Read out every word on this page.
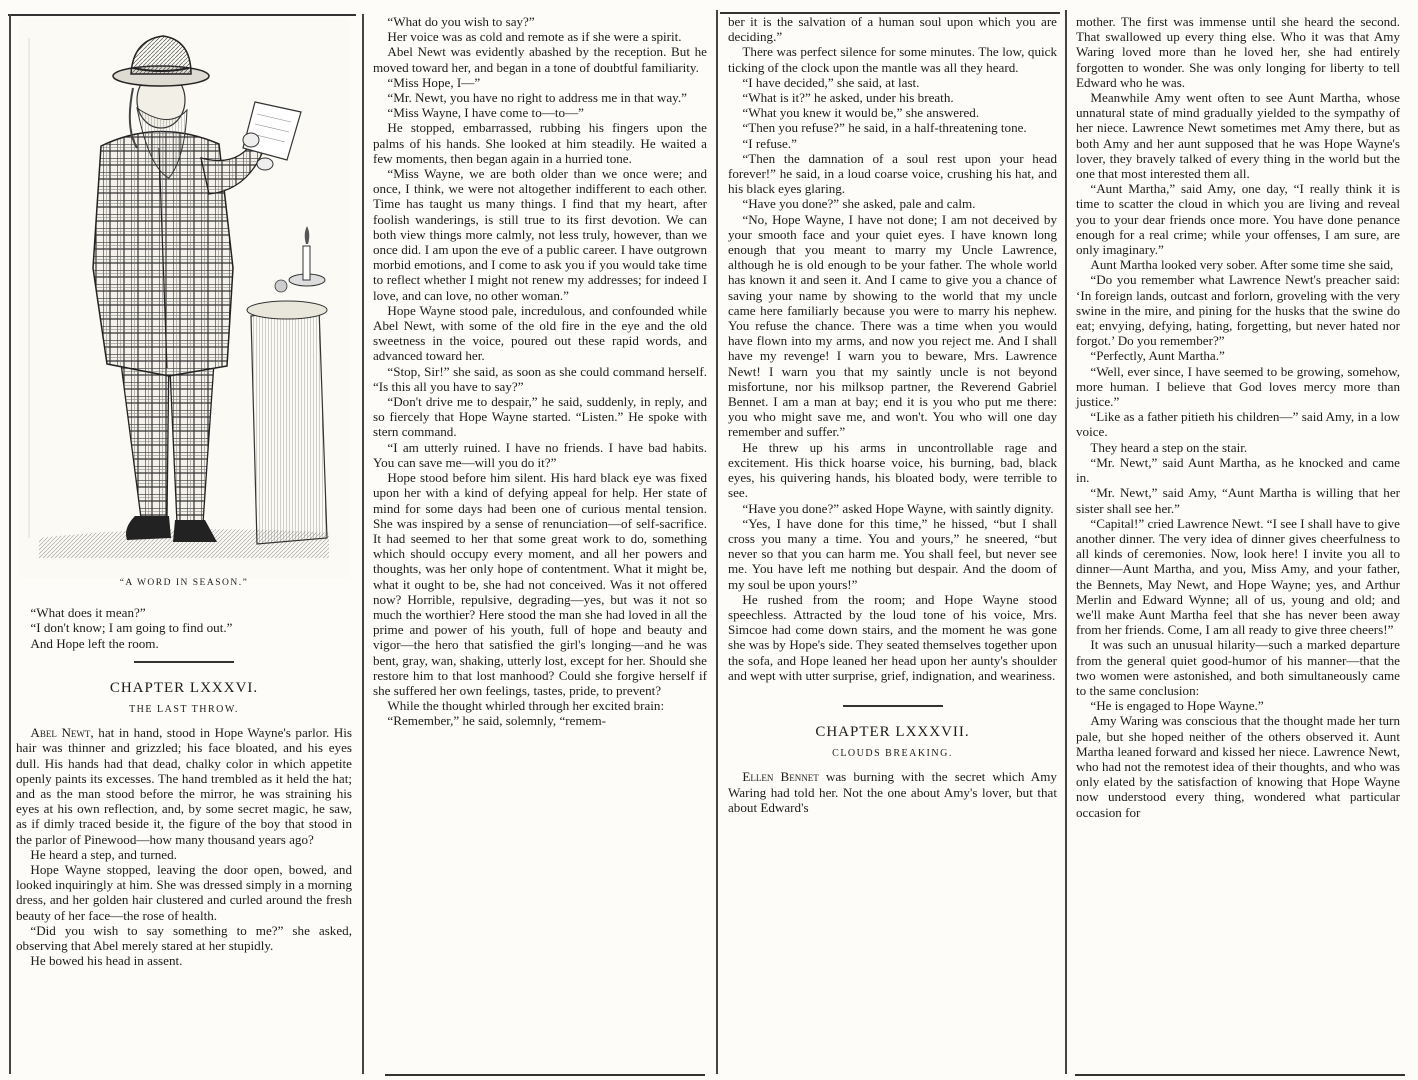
“A WORD IN SEASON.”

“What does it mean?”

“I don't know; I am going to find out.”

And Hope left the room.

CHAPTER LXXXVI.
THE LAST THROW.

Abel Newt, hat in hand, stood in Hope Wayne's parlor. His hair was thinner and grizzled; his face bloated, and his eyes dull. His hands had that dead, chalky color in which appetite openly paints its excesses. The hand trembled as it held the hat; and as the man stood before the mirror, he was straining his eyes at his own reflection, and, by some secret magic, he saw, as if dimly traced beside it, the figure of the boy that stood in the parlor of Pinewood—how many thousand years ago?

He heard a step, and turned.

Hope Wayne stopped, leaving the door open, bowed, and looked inquiringly at him. She was dressed simply in a morning dress, and her golden hair clustered and curled around the fresh beauty of her face—the rose of health.

“Did you wish to say something to me?” she asked, observing that Abel merely stared at her stupidly.

He bowed his head in assent.

“What do you wish to say?”

Her voice was as cold and remote as if she were a spirit.

Abel Newt was evidently abashed by the reception. But he moved toward her, and began in a tone of doubtful familiarity.

“Miss Hope, I—”

“Mr. Newt, you have no right to address me in that way.”

“Miss Wayne, I have come to—to—”

He stopped, embarrassed, rubbing his fingers upon the palms of his hands. She looked at him steadily. He waited a few moments, then began again in a hurried tone.

“Miss Wayne, we are both older than we once were; and once, I think, we were not altogether indifferent to each other. Time has taught us many things. I find that my heart, after foolish wanderings, is still true to its first devotion. We can both view things more calmly, not less truly, however, than we once did. I am upon the eve of a public career. I have outgrown morbid emotions, and I come to ask you if you would take time to reflect whether I might not renew my addresses; for indeed I love, and can love, no other woman.”

Hope Wayne stood pale, incredulous, and confounded while Abel Newt, with some of the old fire in the eye and the old sweetness in the voice, poured out these rapid words, and advanced toward her.

“Stop, Sir!” she said, as soon as she could command herself. “Is this all you have to say?”

“Don't drive me to despair,” he said, suddenly, in reply, and so fiercely that Hope Wayne started. “Listen.” He spoke with stern command.

“I am utterly ruined. I have no friends. I have bad habits. You can save me—will you do it?”

Hope stood before him silent. His hard black eye was fixed upon her with a kind of defying appeal for help. Her state of mind for some days had been one of curious mental tension. She was inspired by a sense of renunciation—of self-sacrifice. It had seemed to her that some great work to do, something which should occupy every moment, and all her powers and thoughts, was her only hope of contentment. What it might be, what it ought to be, she had not conceived. Was it not offered now? Horrible, repulsive, degrading—yes, but was it not so much the worthier? Here stood the man she had loved in all the prime and power of his youth, full of hope and beauty and vigor—the hero that satisfied the girl's longing—and he was bent, gray, wan, shaking, utterly lost, except for her. Should she restore him to that lost manhood? Could she forgive herself if she suffered her own feelings, tastes, pride, to prevent?

While the thought whirled through her excited brain:

“Remember,” he said, solemnly, “remem-

ber it is the salvation of a human soul upon which you are deciding.”

There was perfect silence for some minutes. The low, quick ticking of the clock upon the mantle was all they heard.

“I have decided,” she said, at last.

“What is it?” he asked, under his breath.

“What you knew it would be,” she answered.

“Then you refuse?” he said, in a half-threatening tone.

“I refuse.”

“Then the damnation of a soul rest upon your head forever!” he said, in a loud coarse voice, crushing his hat, and his black eyes glaring.

“Have you done?” she asked, pale and calm.

“No, Hope Wayne, I have not done; I am not deceived by your smooth face and your quiet eyes. I have known long enough that you meant to marry my Uncle Lawrence, although he is old enough to be your father. The whole world has known it and seen it. And I came to give you a chance of saving your name by showing to the world that my uncle came here familiarly because you were to marry his nephew. You refuse the chance. There was a time when you would have flown into my arms, and now you reject me. And I shall have my revenge! I warn you to beware, Mrs. Lawrence Newt! I warn you that my saintly uncle is not beyond misfortune, nor his milksop partner, the Reverend Gabriel Bennet. I am a man at bay; end it is you who put me there: you who might save me, and won't. You who will one day remember and suffer.”

He threw up his arms in uncontrollable rage and excitement. His thick hoarse voice, his burning, bad, black eyes, his quivering hands, his bloated body, were terrible to see.

“Have you done?” asked Hope Wayne, with saintly dignity.

“Yes, I have done for this time,” he hissed, “but I shall cross you many a time. You and yours,” he sneered, “but never so that you can harm me. You shall feel, but never see me. You have left me nothing but despair. And the doom of my soul be upon yours!”

He rushed from the room; and Hope Wayne stood speechless. Attracted by the loud tone of his voice, Mrs. Simcoe had come down stairs, and the moment he was gone she was by Hope's side. They seated themselves together upon the sofa, and Hope leaned her head upon her aunty's shoulder and wept with utter surprise, grief, indignation, and weariness.

CHAPTER LXXXVII.
CLOUDS BREAKING.

Ellen Bennet was burning with the secret which Amy Waring had told her. Not the one about Amy's lover, but that about Edward's

mother. The first was immense until she heard the second. That swallowed up every thing else. Who it was that Amy Waring loved more than he loved her, she had entirely forgotten to wonder. She was only longing for liberty to tell Edward who he was.

Meanwhile Amy went often to see Aunt Martha, whose unnatural state of mind gradually yielded to the sympathy of her niece. Lawrence Newt sometimes met Amy there, but as both Amy and her aunt supposed that he was Hope Wayne's lover, they bravely talked of every thing in the world but the one that most interested them all.

“Aunt Martha,” said Amy, one day, “I really think it is time to scatter the cloud in which you are living and reveal you to your dear friends once more. You have done penance enough for a real crime; while your offenses, I am sure, are only imaginary.”

Aunt Martha looked very sober. After some time she said,

“Do you remember what Lawrence Newt's preacher said: ‘In foreign lands, outcast and forlorn, groveling with the very swine in the mire, and pining for the husks that the swine do eat; envying, defying, hating, forgetting, but never hated nor forgot.’ Do you remember?”

“Perfectly, Aunt Martha.”

“Well, ever since, I have seemed to be growing, somehow, more human. I believe that God loves mercy more than justice.”

“Like as a father pitieth his children—” said Amy, in a low voice.

They heard a step on the stair.

“Mr. Newt,” said Aunt Martha, as he knocked and came in.

“Mr. Newt,” said Amy, “Aunt Martha is willing that her sister shall see her.”

“Capital!” cried Lawrence Newt. “I see I shall have to give another dinner. The very idea of dinner gives cheerfulness to all kinds of ceremonies. Now, look here! I invite you all to dinner—Aunt Martha, and you, Miss Amy, and your father, the Bennets, May Newt, and Hope Wayne; yes, and Arthur Merlin and Edward Wynne; all of us, young and old; and we'll make Aunt Martha feel that she has never been away from her friends. Come, I am all ready to give three cheers!”

It was such an unusual hilarity—such a marked departure from the general quiet good-humor of his manner—that the two women were astonished, and both simultaneously came to the same conclusion:

“He is engaged to Hope Wayne.”

Amy Waring was conscious that the thought made her turn pale, but she hoped neither of the others observed it. Aunt Martha leaned forward and kissed her niece. Lawrence Newt, who had not the remotest idea of their thoughts, and who was only elated by the satisfaction of knowing that Hope Wayne now understood every thing, wondered what particular occasion for
